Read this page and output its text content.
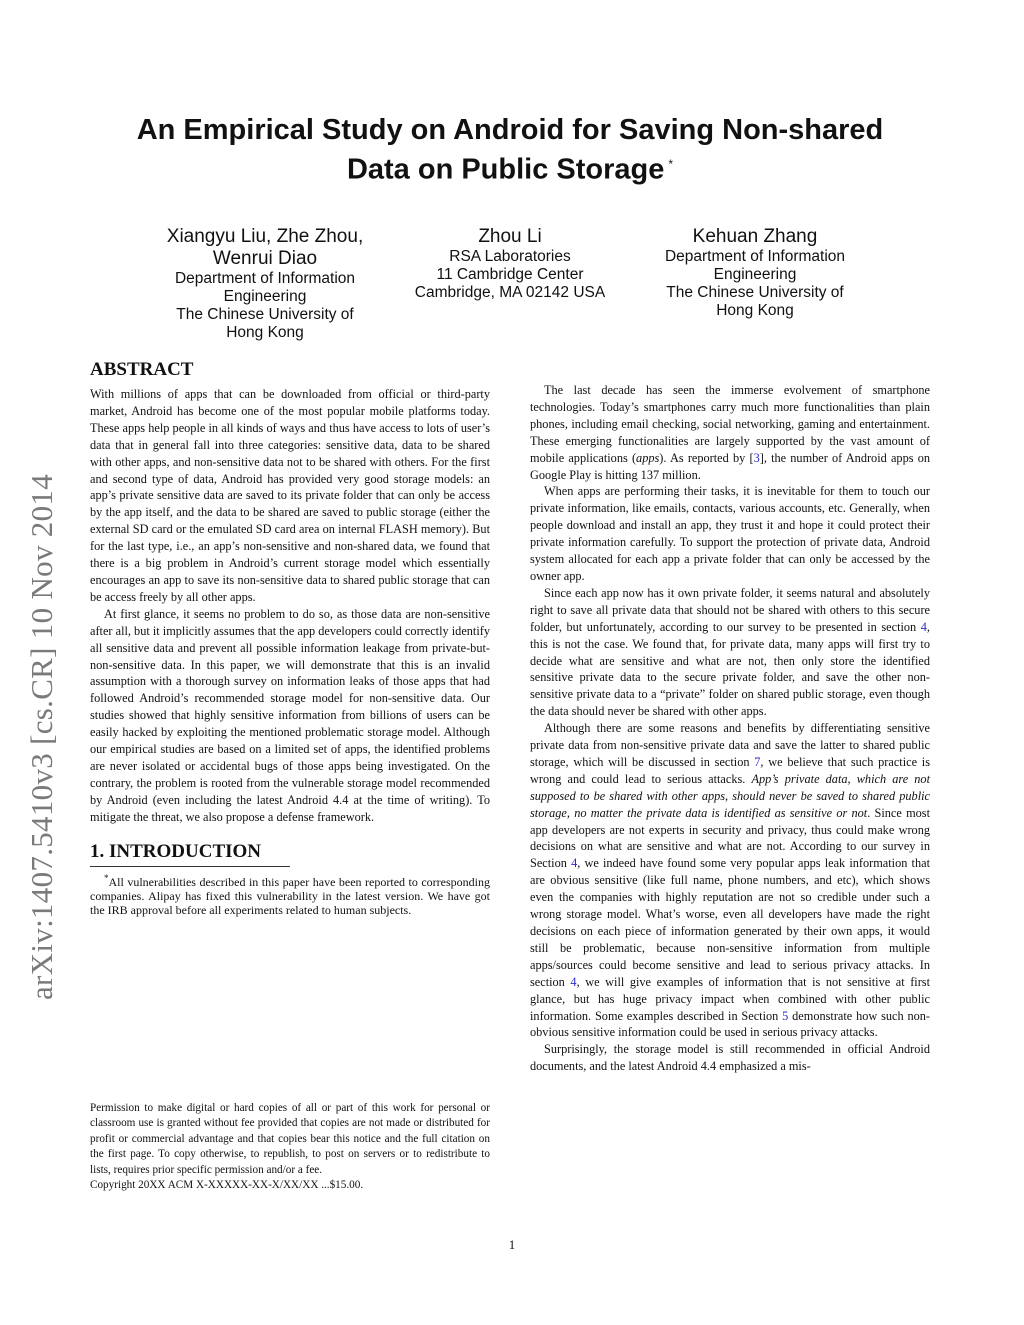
arXiv:1407.5410v3 [cs.CR] 10 Nov 2014
An Empirical Study on Android for Saving Non-shared
Data on Public Storage *
Xiangyu Liu, Zhe Zhou,
Wenrui Diao
Department of Information
Engineering
The Chinese University of
Hong Kong
Zhou Li
RSA Laboratories
11 Cambridge Center
Cambridge, MA 02142 USA
Kehuan Zhang
Department of Information
Engineering
The Chinese University of
Hong Kong
ABSTRACT

With millions of apps that can be downloaded from official or third-party market, Android has become one of the most popular mobile platforms today. These apps help people in all kinds of ways and thus have access to lots of user’s data that in general fall into three categories: sensitive data, data to be shared with other apps, and non-sensitive data not to be shared with others. For the first and second type of data, Android has provided very good storage models: an app’s private sensitive data are saved to its private folder that can only be access by the app itself, and the data to be shared are saved to public storage (either the external SD card or the emulated SD card area on internal FLASH memory). But for the last type, i.e., an app’s non-sensitive and non-shared data, we found that there is a big problem in Android’s current storage model which essentially encourages an app to save its non-sensitive data to shared public storage that can be access freely by all other apps.

At first glance, it seems no problem to do so, as those data are non-sensitive after all, but it implicitly assumes that the app developers could correctly identify all sensitive data and prevent all possible information leakage from private-but-non-sensitive data. In this paper, we will demonstrate that this is an invalid assumption with a thorough survey on information leaks of those apps that had followed Android’s recommended storage model for non-sensitive data. Our studies showed that highly sensitive information from billions of users can be easily hacked by exploiting the mentioned problematic storage model. Although our empirical studies are based on a limited set of apps, the identified problems are never isolated or accidental bugs of those apps being investigated. On the contrary, the problem is rooted from the vulnerable storage model recommended by Android (even including the latest Android 4.4 at the time of writing). To mitigate the threat, we also propose a defense framework.

1. INTRODUCTION

*All vulnerabilities described in this paper have been reported to corresponding companies. Alipay has fixed this vulnerability in the latest version. We have got the IRB approval before all experiments related to human subjects.

Permission to make digital or hard copies of all or part of this work for personal or classroom use is granted without fee provided that copies are not made or distributed for profit or commercial advantage and that copies bear this notice and the full citation on the first page. To copy otherwise, to republish, to post on servers or to redistribute to lists, requires prior specific permission and/or a fee.

Copyright 20XX ACM X-XXXXX-XX-X/XX/XX ...$15.00.

The last decade has seen the immerse evolvement of smartphone technologies. Today’s smartphones carry much more functionalities than plain phones, including email checking, social networking, gaming and entertainment. These emerging functionalities are largely supported by the vast amount of mobile applications (apps). As reported by [3], the number of Android apps on Google Play is hitting 137 million.

When apps are performing their tasks, it is inevitable for them to touch our private information, like emails, contacts, various accounts, etc. Generally, when people download and install an app, they trust it and hope it could protect their private information carefully. To support the protection of private data, Android system allocated for each app a private folder that can only be accessed by the owner app.

Since each app now has it own private folder, it seems natural and absolutely right to save all private data that should not be shared with others to this secure folder, but unfortunately, according to our survey to be presented in section 4, this is not the case. We found that, for private data, many apps will first try to decide what are sensitive and what are not, then only store the identified sensitive private data to the secure private folder, and save the other non-sensitive private data to a “private” folder on shared public storage, even though the data should never be shared with other apps.

Although there are some reasons and benefits by differentiating sensitive private data from non-sensitive private data and save the latter to shared public storage, which will be discussed in section 7, we believe that such practice is wrong and could lead to serious attacks. App’s private data, which are not supposed to be shared with other apps, should never be saved to shared public storage, no matter the private data is identified as sensitive or not. Since most app developers are not experts in security and privacy, thus could make wrong decisions on what are sensitive and what are not. According to our survey in Section 4, we indeed have found some very popular apps leak information that are obvious sensitive (like full name, phone numbers, and etc), which shows even the companies with highly reputation are not so credible under such a wrong storage model. What’s worse, even all developers have made the right decisions on each piece of information generated by their own apps, it would still be problematic, because non-sensitive information from multiple apps/sources could become sensitive and lead to serious privacy attacks. In section 4, we will give examples of information that is not sensitive at first glance, but has huge privacy impact when combined with other public information. Some examples described in Section 5 demonstrate how such non-obvious sensitive information could be used in serious privacy attacks.

Surprisingly, the storage model is still recommended in official Android documents, and the latest Android 4.4 emphasized a mis-

1
